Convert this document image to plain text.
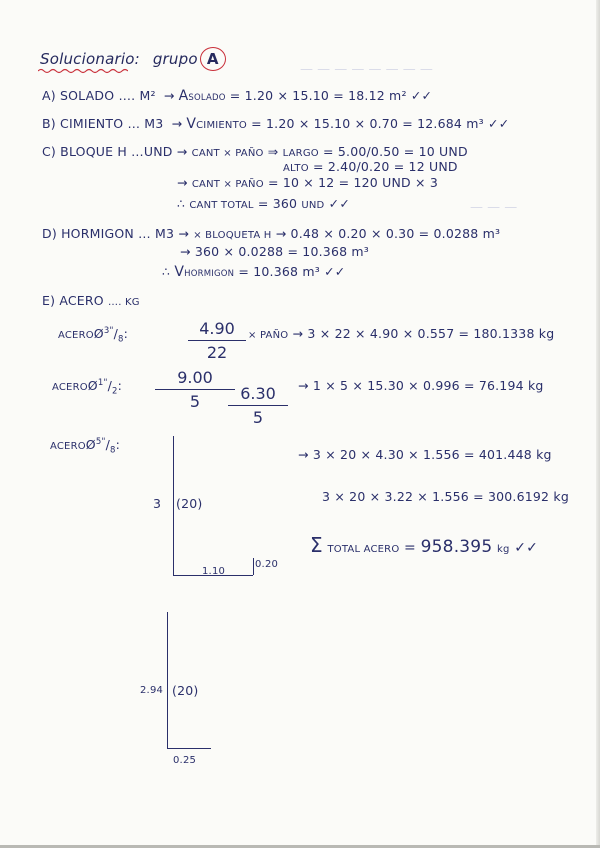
— — — — — — — —
— — —
Solucionario: grupo A
A) SOLADO …. M² → ASOLADO = 1.20 × 15.10 = 18.12 m² ✓✓
B) CIMIENTO … M3 → VCIMIENTO = 1.20 × 15.10 × 0.70 = 12.684 m³ ✓✓
C) BLOQUE H …UND → CANT × PAÑO ⇒ LARGO = 5.00/0.50 = 10 UND
ALTO = 2.40/0.20 = 12 UND
→ CANT × PAÑO = 10 × 12 = 120 UND × 3
∴ CANT TOTAL = 360 UND ✓✓
D) HORMIGON … M3 → × BLOQUETA H → 0.48 × 0.20 × 0.30 = 0.0288 m³
→ 360 × 0.0288 = 10.368 m³
∴ VHORMIGON = 10.368 m³ ✓✓
E) ACERO …. KG
$ACEROØ^{3"}/_8$:	4.90
22
× PAÑO → 3 × 22 × 4.90 × 0.557 = 180.1338 kg
$ACEROØ^{1"}/_2$:	9.00
5	6.30
5
→ 1 × 5 × 15.30 × 0.996 = 76.194 kg
$ACEROØ^{5"}/_8$:
→ 3 × 20 × 4.30 × 1.556 = 401.448 kg
3 × 20 × 3.22 × 1.556 = 300.6192 kg
Σ TOTAL ACERO = 958.395 kg ✓✓
3 (20)
1.10
0.20
2.94 (20)
0.25
